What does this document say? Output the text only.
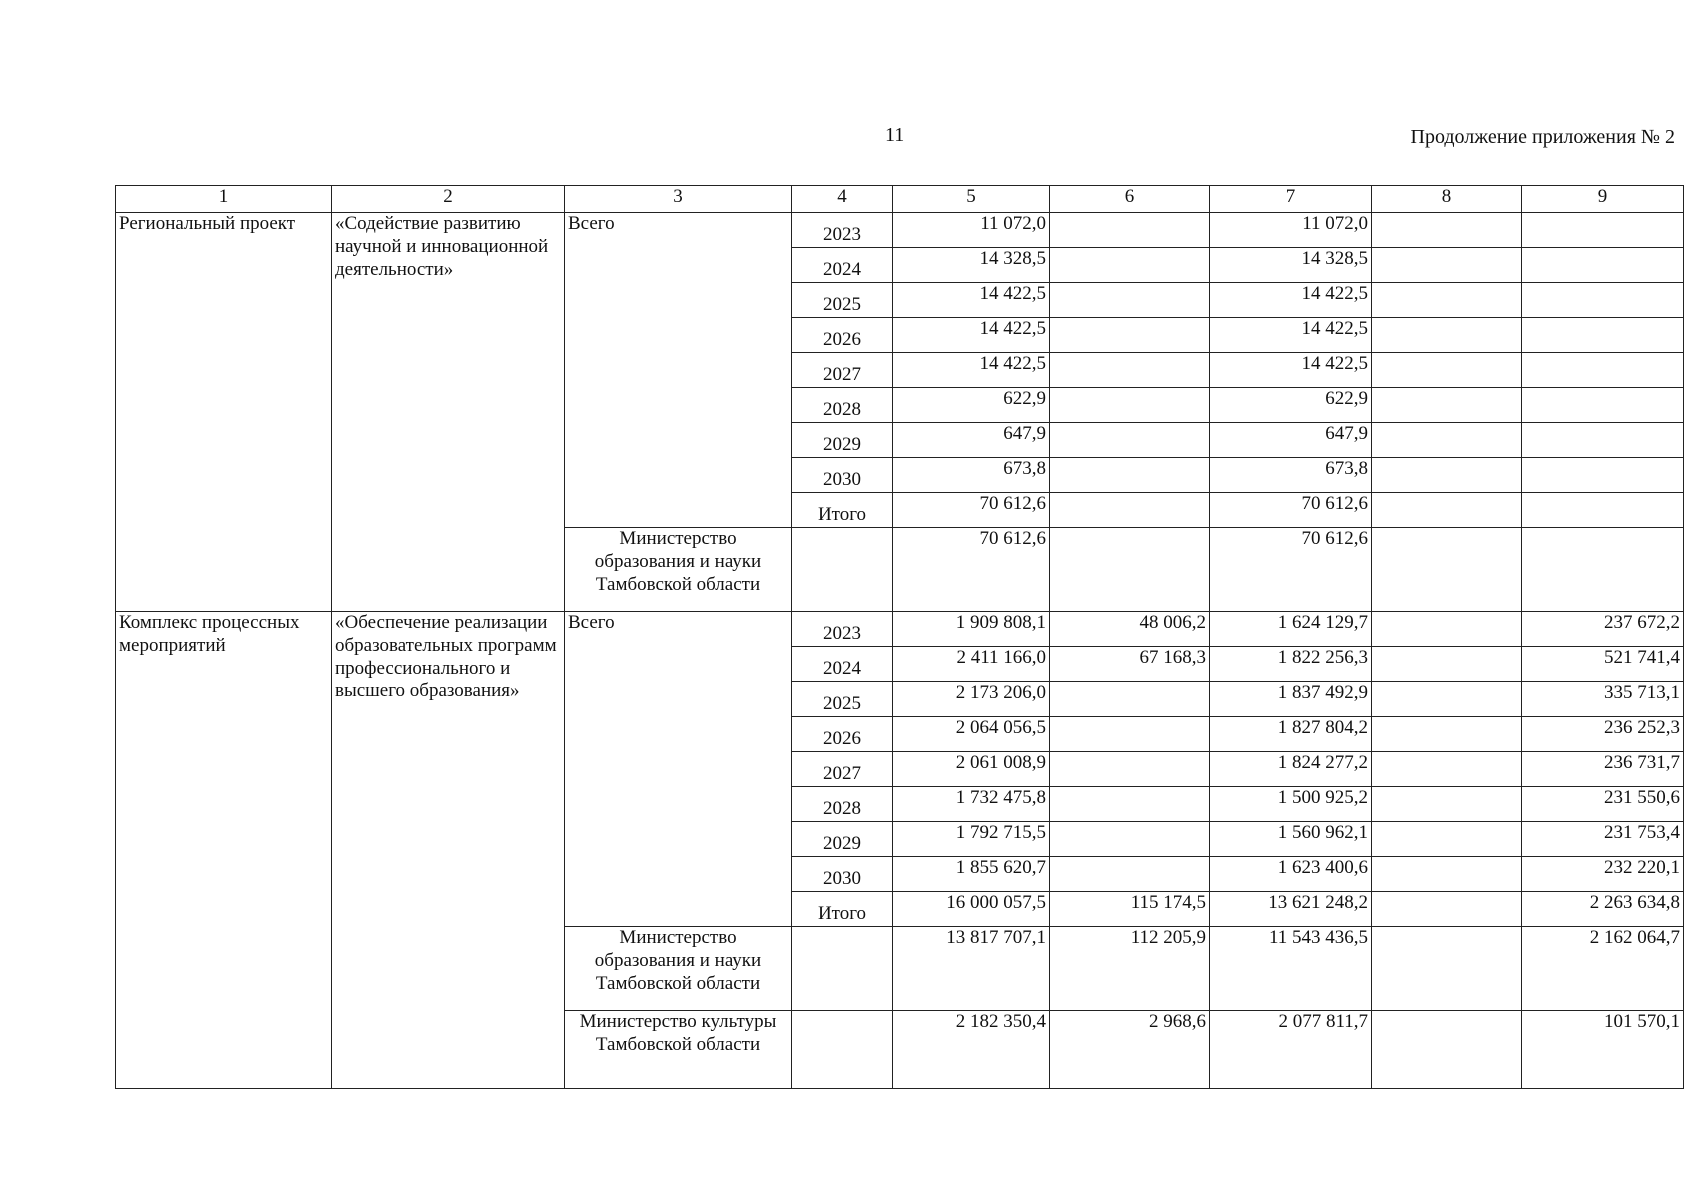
11	Продолжение приложения № 2
1	2	3	4	5	6	7	8	9
Региональный проект	«Содействие развитию научной и инновационной деятельности»	Всего	2023	11 072,0		11 072,0		
			2024	14 328,5		14 328,5		
			2025	14 422,5		14 422,5		
			2026	14 422,5		14 422,5		
			2027	14 422,5		14 422,5		
			2028	622,9		622,9		
			2029	647,9		647,9		
			2030	673,8		673,8		
			Итого	70 612,6		70 612,6		
		Министерство образования и науки Тамбовской области		70 612,6		70 612,6		
Комплекс процессных мероприятий	«Обеспечение реализации образовательных программ профессионального и высшего образования»	Всего	2023	1 909 808,1	48 006,2	1 624 129,7		237 672,2
			2024	2 411 166,0	67 168,3	1 822 256,3		521 741,4
			2025	2 173 206,0		1 837 492,9		335 713,1
			2026	2 064 056,5		1 827 804,2		236 252,3
			2027	2 061 008,9		1 824 277,2		236 731,7
			2028	1 732 475,8		1 500 925,2		231 550,6
			2029	1 792 715,5		1 560 962,1		231 753,4
			2030	1 855 620,7		1 623 400,6		232 220,1
			Итого	16 000 057,5	115 174,5	13 621 248,2		2 263 634,8
		Министерство образования и науки Тамбовской области		13 817 707,1	112 205,9	11 543 436,5		2 162 064,7
		Министерство культуры Тамбовской области		2 182 350,4	2 968,6	2 077 811,7		101 570,1
